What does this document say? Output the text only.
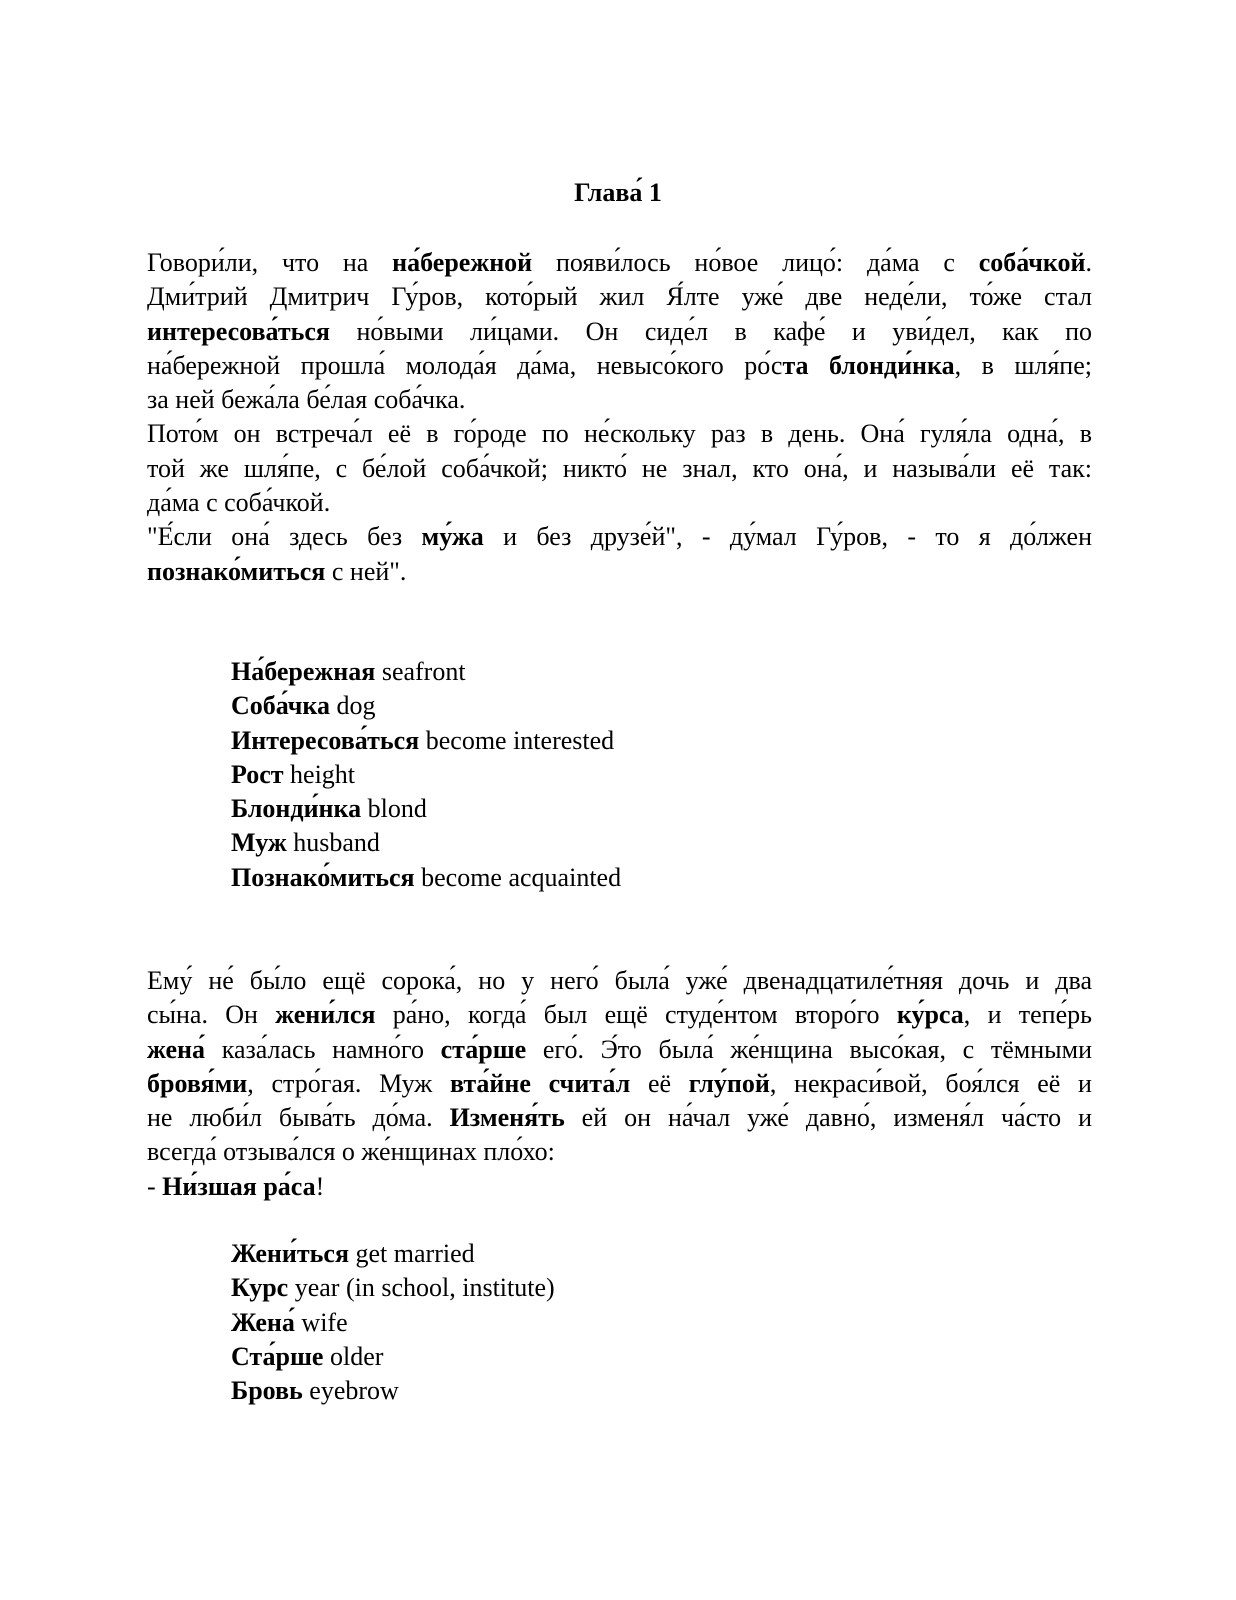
Глава́ 1
Говори́ли, что на на́бережной появи́лось но́вое лицо́: да́ма с соба́чкой.
Дми́трий Дмитрич Гу́ров, кото́рый жил Я́лте уже́ две неде́ли, то́же стал
интересова́ться но́выми ли́цами. Он сиде́л в кафе́ и уви́дел, как по
на́бережной прошла́ молода́я да́ма, невысо́кого ро́ста блонди́нка, в шля́пе;
за ней бежа́ла бе́лая соба́чка.
Пото́м он встреча́л её в го́роде по не́скольку раз в день. Она́ гуля́ла одна́, в
той же шля́пе, с бе́лой соба́чкой; никто́ не знал, кто она́, и называ́ли её так:
да́ма с соба́чкой.
"Е́сли она́ здесь без му́жа и без друзе́й", - ду́мал Гу́ров, - то я до́лжен
познако́миться с ней".
На́бережная seafront
Соба́чка dog
Интересова́ться become interested
Рост height
Блонди́нка blond
Муж husband
Познако́миться become acquainted
Ему́ не́ бы́ло ещё сорока́, но у него́ была́ уже́ двенадцатиле́тняя дочь и два
сы́на. Он жени́лся ра́но, когда́ был ещё студе́нтом второ́го ку́рса, и тепе́рь
жена́ каза́лась намно́го ста́рше его́. Э́то была́ же́нщина высо́кая, с тёмными
бровя́ми, стро́гая. Муж вта́йне счита́л её глу́пой, некраси́вой, боя́лся её и
не люби́л быва́ть до́ма. Изменя́ть ей он на́чал уже́ давно́, изменя́л ча́сто и
всегда́ отзыва́лся о же́нщинах пло́хо:
- Ни́зшая ра́са!
Жени́ться get married
Курс year (in school, institute)
Жена́ wife
Ста́рше older
Бровь eyebrow
